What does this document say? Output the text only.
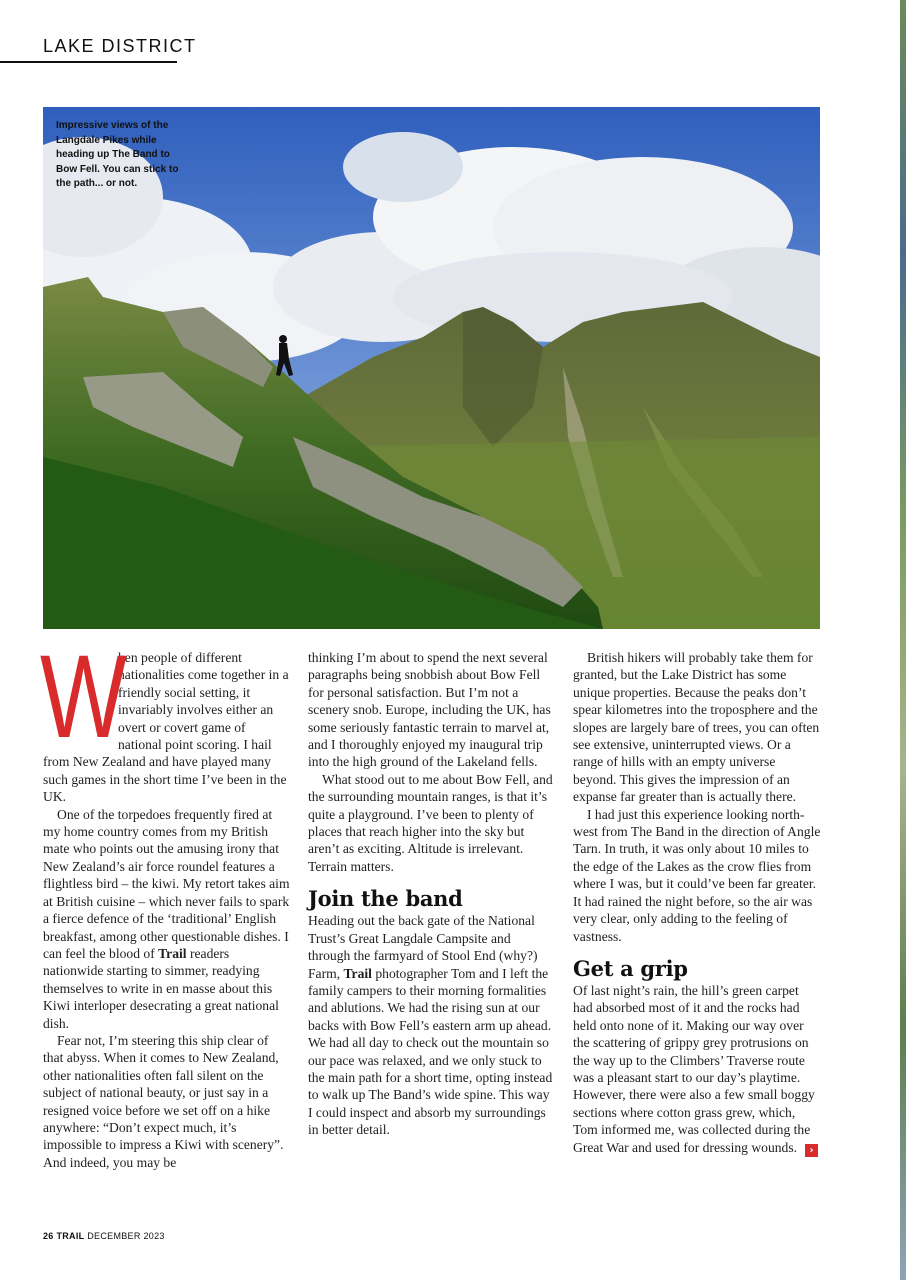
LAKE DISTRICT
Impressive views of the Langdale Pikes while heading up The Band to Bow Fell. You can stick to the path... or not.

W
hen people of different nationalities come together in a friendly social setting, it invariably involves either an overt or covert game of national point scoring. I hail from New Zealand and have played many such games in the short time I’ve been in the UK.

One of the torpedoes frequently fired at my home country comes from my British mate who points out the amusing irony that New Zealand’s air force roundel features a flightless bird – the kiwi. My retort takes aim at British cuisine – which never fails to spark a fierce defence of the ‘traditional’ English breakfast, among other questionable dishes. I can feel the blood of Trail readers nationwide starting to simmer, readying themselves to write in en masse about this Kiwi interloper desecrating a great national dish.

Fear not, I’m steering this ship clear of that abyss. When it comes to New Zealand, other nationalities often fall silent on the subject of national beauty, or just say in a resigned voice before we set off on a hike anywhere: “Don’t expect much, it’s impossible to impress a Kiwi with scenery”. And indeed, you may be

thinking I’m about to spend the next several paragraphs being snobbish about Bow Fell for personal satisfaction. But I’m not a scenery snob. Europe, including the UK, has some seriously fantastic terrain to marvel at, and I thoroughly enjoyed my inaugural trip into the high ground of the Lakeland fells.

What stood out to me about Bow Fell, and the surrounding mountain ranges, is that it’s quite a playground. I’ve been to plenty of places that reach higher into the sky but aren’t as exciting. Altitude is irrelevant. Terrain matters.

Join the band

Heading out the back gate of the National Trust’s Great Langdale Campsite and through the farmyard of Stool End (why?) Farm, Trail photographer Tom and I left the family campers to their morning formalities and ablutions. We had the rising sun at our backs with Bow Fell’s eastern arm up ahead. We had all day to check out the mountain so our pace was relaxed, and we only stuck to the main path for a short time, opting instead to walk up The Band’s wide spine. This way I could inspect and absorb my surroundings in better detail.

British hikers will probably take them for granted, but the Lake District has some unique properties. Because the peaks don’t spear kilometres into the troposphere and the slopes are largely bare of trees, you can often see extensive, uninterrupted views. Or a range of hills with an empty universe beyond. This gives the impression of an expanse far greater than is actually there.

I had just this experience looking north-west from The Band in the direction of Angle Tarn. In truth, it was only about 10 miles to the edge of the Lakes as the crow flies from where I was, but it could’ve been far greater. It had rained the night before, so the air was very clear, only adding to the feeling of vastness.

Get a grip

Of last night’s rain, the hill’s green carpet had absorbed most of it and the rocks had held onto none of it. Making our way over the scattering of grippy grey protrusions on the way up to the Climbers’ Traverse route was a pleasant start to our day’s playtime. However, there were also a few small boggy sections where cotton grass grew, which, Tom informed me, was collected during the Great War and used for dressing wounds. ›

26 TRAIL DECEMBER 2023
